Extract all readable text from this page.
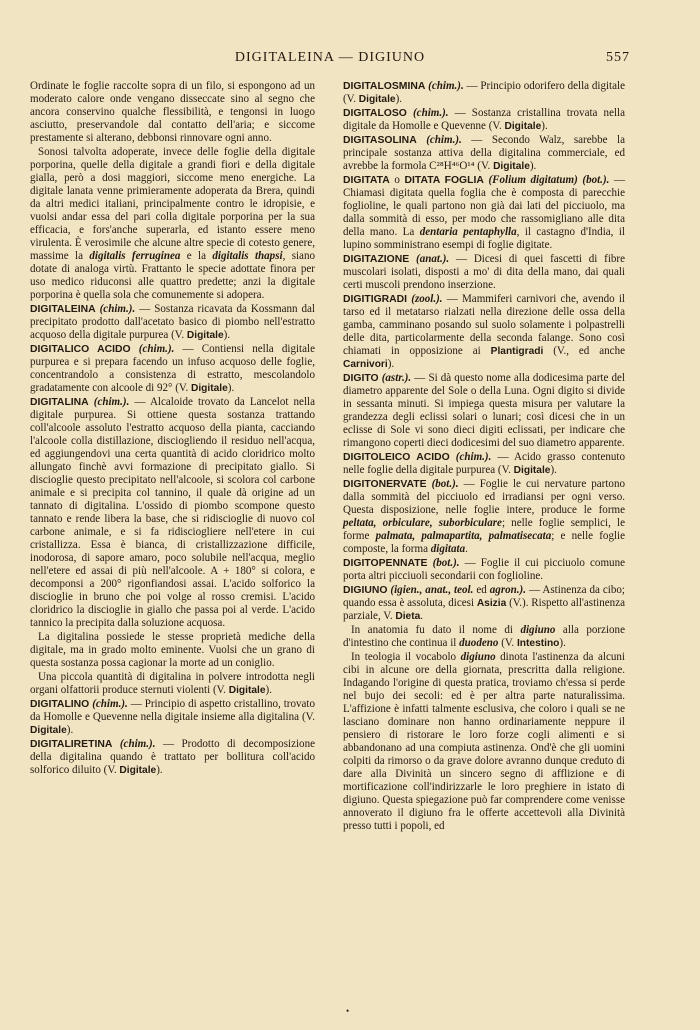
DIGITALEINA — DIGIUNO	557

Ordinate le foglie raccolte sopra di un filo, si espongono ad un moderato calore onde vengano disseccate sino al segno che ancora conservino qualche flessibilità, e tengonsi in luogo asciutto, preservandole dal contatto dell'aria; e siccome prestamente si alterano, debbonsi rinnovare ogni anno.

Sonosi talvolta adoperate, invece delle foglie della digitale porporina, quelle della digitale a grandi fiori e della digitale gialla, però a dosi maggiori, siccome meno energiche. La digitale lanata venne primieramente adoperata da Brera, quindi da altri medici italiani, principalmente contro le idropisie, e vuolsi andar essa del pari colla digitale porporina per la sua efficacia, e fors'anche superarla, ed istanto essere meno virulenta. È verosimile che alcune altre specie di cotesto genere, massime la digitalis ferruginea e la digitalis thapsi, siano dotate di analoga virtù. Frattanto le specie adottate finora per uso medico riduconsi alle quattro predette; anzi la digitale porporina è quella sola che comunemente si adopera.

DIGITALEINA (chim.). — Sostanza ricavata da Kossmann dal precipitato prodotto dall'acetato basico di piombo nell'estratto acquoso della digitale purpurea (V. Digitale).

DIGITALICO ACIDO (chim.). — Contiensi nella digitale purpurea e si prepara facendo un infuso acquoso delle foglie, concentrandolo a consistenza di estratto, mescolandolo gradatamente con alcoole di 92° (V. Digitale).

DIGITALINA (chim.). — Alcaloide trovato da Lancelot nella digitale purpurea. Si ottiene questa sostanza trattando coll'alcoole assoluto l'estratto acquoso della pianta, cacciando l'alcoole colla distillazione, disciogliendo il residuo nell'acqua, ed aggiungendovi una certa quantità di acido cloridrico molto allungato finchè avvi formazione di precipitato giallo. Si discioglie questo precipitato nell'alcoole, si scolora col carbone animale e si precipita col tannino, il quale dà origine ad un tannato di digitalina. L'ossido di piombo scompone questo tannato e rende libera la base, che si ridiscioglie di nuovo col carbone animale, e si fa ridisciogliere nell'etere in cui cristallizza. Essa è bianca, di cristallizzazione difficile, inodorosa, di sapore amaro, poco solubile nell'acqua, meglio nell'etere ed assai di più nell'alcoole. A + 180° si colora, e decomponsi a 200° rigonfiandosi assai. L'acido solforico la discioglie in bruno che poi volge al rosso cremisi. L'acido cloridrico la discioglie in giallo che passa poi al verde. L'acido tannico la precipita dalla soluzione acquosa.

La digitalina possiede le stesse proprietà mediche della digitale, ma in grado molto eminente. Vuolsi che un grano di questa sostanza possa cagionar la morte ad un coniglio.

Una piccola quantità di digitalina in polvere introdotta negli organi olfattorii produce sternuti violenti (V. Digitale).

DIGITALINO (chim.). — Principio di aspetto cristallino, trovato da Homolle e Quevenne nella digitale insieme alla digitalina (V. Digitale).

DIGITALIRETINA (chim.). — Prodotto di decomposizione della digitalina quando è trattato per bollitura coll'acido solforico diluito (V. Digitale).

DIGITALOSMINA (chim.). — Principio odorifero della digitale (V. Digitale).

DIGITALOSO (chim.). — Sostanza cristallina trovata nella digitale da Homolle e Quevenne (V. Digitale).

DIGITASOLINA (chim.). — Secondo Walz, sarebbe la principale sostanza attiva della digitalina commerciale, ed avrebbe la formola C²⁸H⁴⁶O¹⁴ (V. Digitale).

DIGITATA o DITATA FOGLIA (Folium digitatum) (bot.). — Chiamasi digitata quella foglia che è composta di parecchie foglioline, le quali partono non già dai lati del picciuolo, ma dalla sommità di esso, per modo che rassomigliano alle dita della mano. La dentaria pentaphylla, il castagno d'India, il lupino somministrano esempi di foglie digitate.

DIGITAZIONE (anat.). — Dicesi di quei fascetti di fibre muscolari isolati, disposti a mo' di dita della mano, dai quali certi muscoli prendono inserzione.

DIGITIGRADI (zool.). — Mammiferi carnivori che, avendo il tarso ed il metatarso rialzati nella direzione delle ossa della gamba, camminano posando sul suolo solamente i polpastrelli delle dita, particolarmente della seconda falange. Sono così chiamati in opposizione ai Plantigradi (V., ed anche Carnivori).

DIGITO (astr.). — Si dà questo nome alla dodicesima parte del diametro apparente del Sole o della Luna. Ogni digito si divide in sessanta minuti. Si impiega questa misura per valutare la grandezza degli eclissi solari o lunari; così dicesi che in un eclisse di Sole vi sono dieci digiti eclissati, per indicare che rimangono coperti dieci dodicesimi del suo diametro apparente.

DIGITOLEICO ACIDO (chim.). — Acido grasso contenuto nelle foglie della digitale purpurea (V. Digitale).

DIGITONERVATE (bot.). — Foglie le cui nervature partono dalla sommità del picciuolo ed irradiansi per ogni verso. Questa disposizione, nelle foglie intere, produce le forme peltata, orbiculare, suborbiculare; nelle foglie semplici, le forme palmata, palmapartita, palmatisecata; e nelle foglie composte, la forma digitata.

DIGITOPENNATE (bot.). — Foglie il cui picciuolo comune porta altri picciuoli secondarii con foglioline.

DIGIUNO (igien., anat., teol. ed agron.). — Astinenza da cibo; quando essa è assoluta, dicesi Asizia (V.). Rispetto all'astinenza parziale, V. Dieta.

In anatomia fu dato il nome di digiuno alla porzione d'intestino che continua il duodeno (V. Intestino).

In teologia il vocabolo digiuno dinota l'astinenza da alcuni cibi in alcune ore della giornata, prescritta dalla religione. Indagando l'origine di questa pratica, troviamo ch'essa si perde nel bujo dei secoli: ed è per altra parte naturalissima. L'affizione è infatti talmente esclusiva, che coloro i quali se ne lasciano dominare non hanno ordinariamente neppure il pensiero di ristorare le loro forze cogli alimenti e si abbandonano ad una compiuta astinenza. Ond'è che gli uomini colpiti da rimorso o da grave dolore avranno dunque creduto di dare alla Divinità un sincero segno di afflizione e di mortificazione coll'indirizzarle le loro preghiere in istato di digiuno. Questa spiegazione può far comprendere come venisse annoverato il digiuno fra le offerte accettevoli alla Divinità presso tutti i popoli, ed

•
